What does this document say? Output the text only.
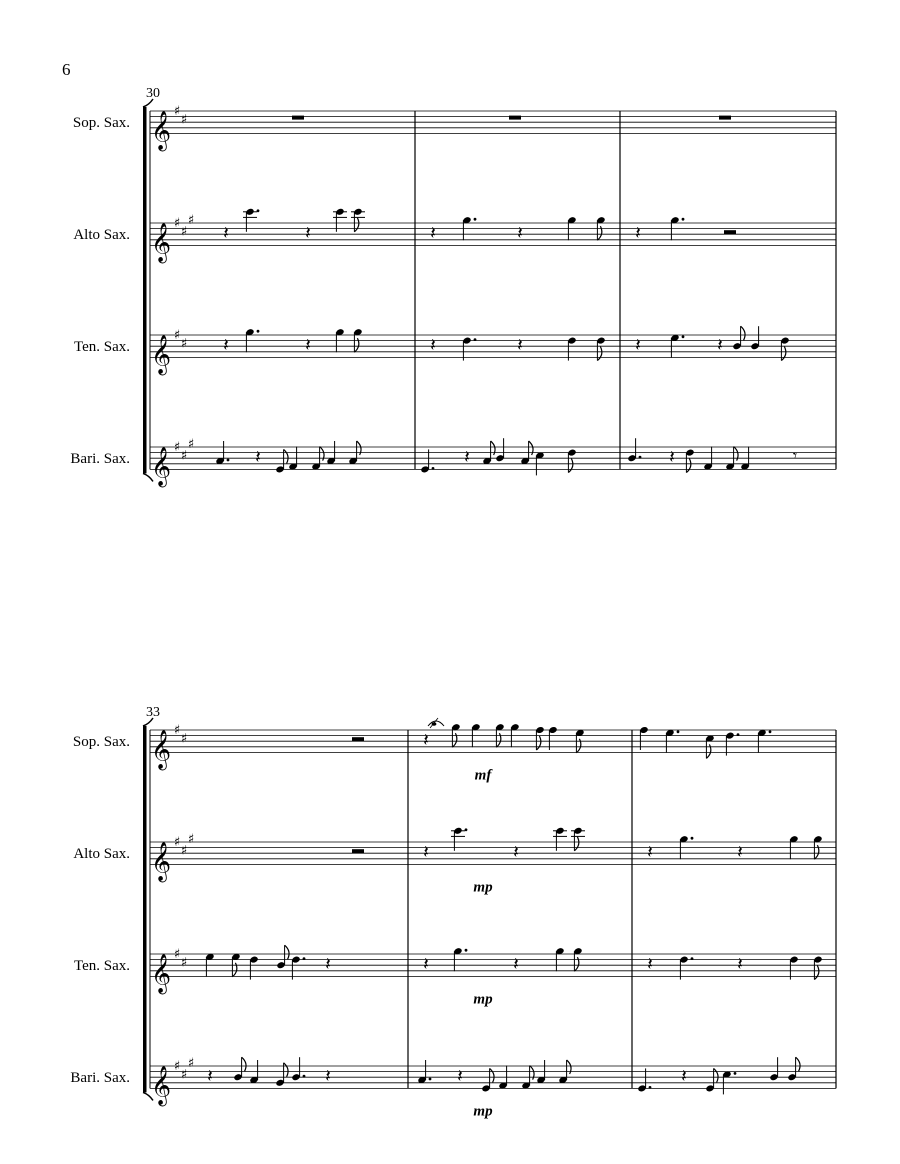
6
30
Sop. Sax. 𝄞 ♯
♯
Alto Sax. 𝄞 ♯
♯
♯
𝄽	𝄽	𝄽	𝄽	𝄽
Ten. Sax. 𝄞 ♯
♯ 𝄽	𝄽	𝄽	𝄽	𝄽	𝄽
Bari. Sax. 𝄞 ♯
♯
♯
𝄽	𝄽	𝄽	𝄾
33
Sop. Sax. 𝄞 ♯
♯	𝄽
Alto Sax. 𝄞 ♯
♯
♯
𝄽	𝄽	𝄽	𝄽
Ten. Sax. 𝄞 ♯
♯	𝄽	𝄽	𝄽	𝄽	𝄽
Bari. Sax. 𝄞 ♯
♯
♯
𝄽	𝄽	𝄽	𝄽
mf
mp
mp
mp
